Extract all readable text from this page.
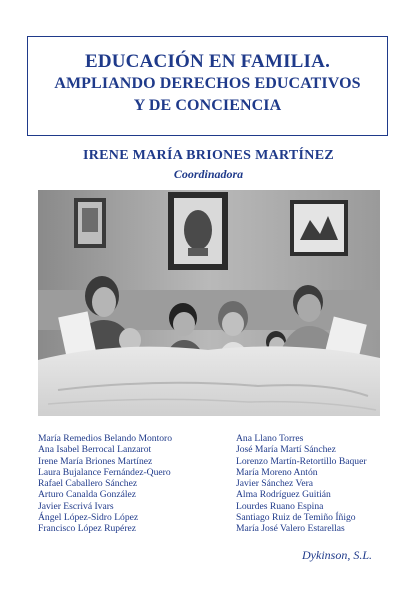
EDUCACIÓN EN FAMILIA.
AMPLIANDO DERECHOS EDUCATIVOS
Y DE CONCIENCIA
IRENE MARÍA BRIONES MARTÍNEZ
Coordinadora
María Remedios Belando Montoro
Ana Isabel Berrocal Lanzarot
Irene María Briones Martínez
Laura Bujalance Fernández-Quero
Rafael Caballero Sánchez
Arturo Canalda González
Javier Escrivá Ivars
Ángel López-Sidro López
Francisco López Rupérez
Ana Llano Torres
José María Martí Sánchez
Lorenzo Martín-Retortillo Baquer
María Moreno Antón
Javier Sánchez Vera
Alma Rodríguez Guitián
Lourdes Ruano Espina
Santiago Ruiz de Temiño Íñigo
María José Valero Estarellas
Dykinson, S.L.
